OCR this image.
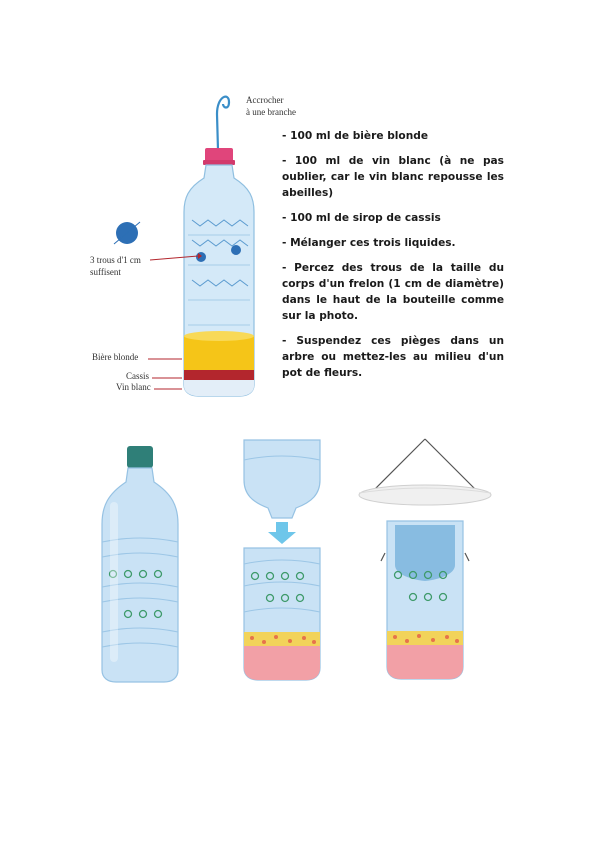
Accrocher
à une branche
3 trous d'1 cm
suffisent
Bière blonde
Cassis
Vin blanc

- 100 ml de bière blonde

- 100 ml de vin blanc (à ne pas oublier, car le vin blanc repousse les abeilles)

- 100 ml de sirop de cassis

- Mélanger ces trois liquides.

- Percez des trous de la taille du corps d'un frelon (1 cm de diamètre) dans le haut de la bouteille comme sur la photo.

- Suspendez ces pièges dans un arbre ou mettez-les au milieu d'un pot de fleurs.
